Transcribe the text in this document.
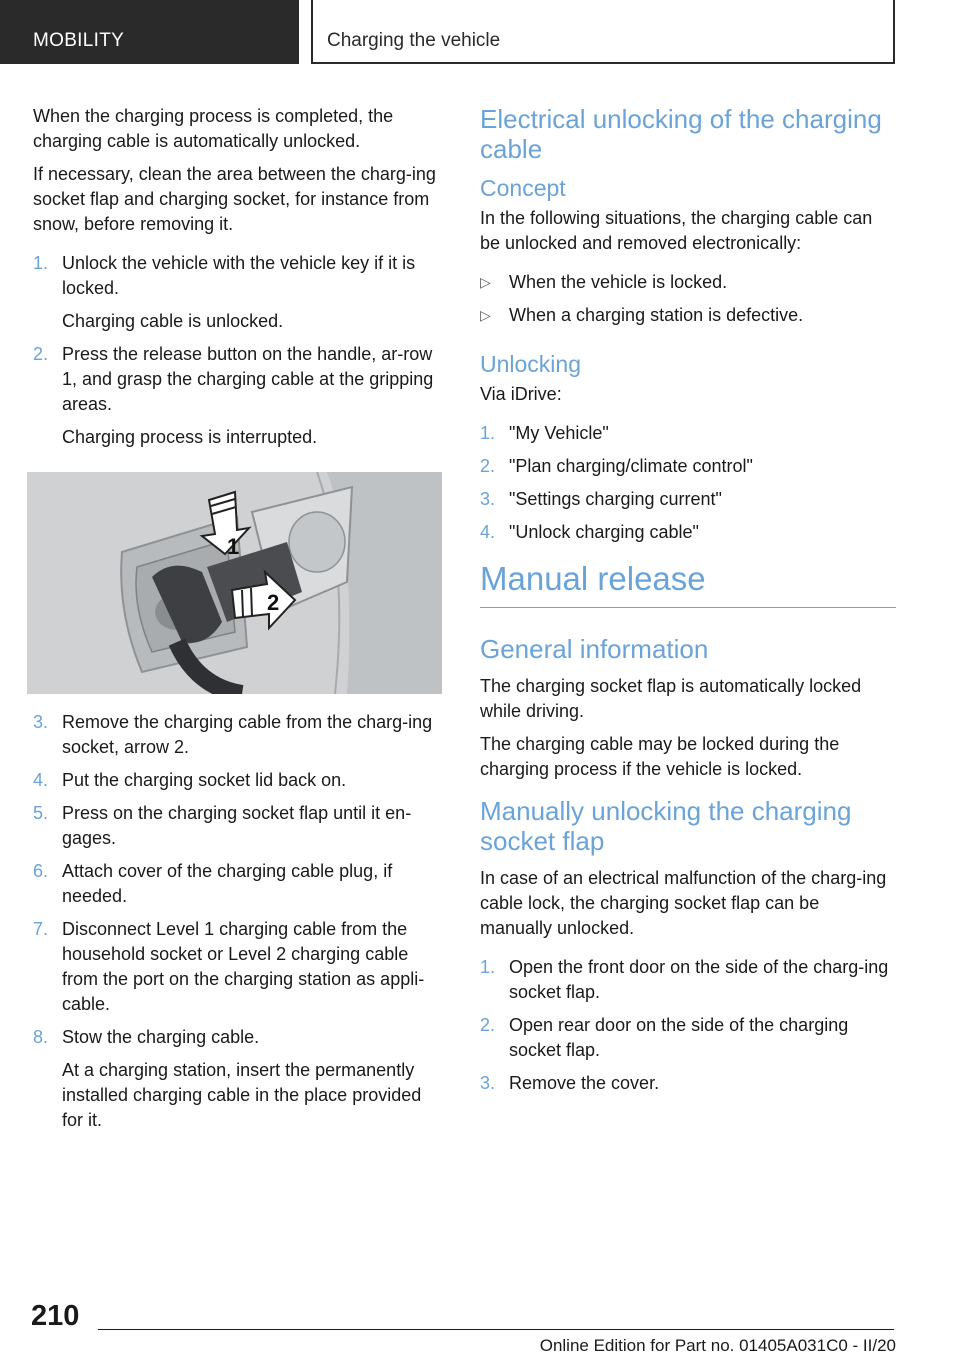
MOBILITY	Charging the vehicle

When the charging process is completed, the charging cable is automatically unlocked.

If necessary, clean the area between the charg-ing socket flap and charging socket, for instance from snow, before removing it.

1. Unlock the vehicle with the vehicle key if it is locked.
Charging cable is unlocked.
2. Press the release button on the handle, ar-row 1, and grasp the charging cable at the gripping areas.
Charging process is interrupted.
1
2
3. Remove the charging cable from the charg-ing socket, arrow 2.
4. Put the charging socket lid back on.
5. Press on the charging socket flap until it en-gages.
6. Attach cover of the charging cable plug, if needed.
7. Disconnect Level 1 charging cable from the household socket or Level 2 charging cable from the port on the charging station as appli-cable.
8. Stow the charging cable.
At a charging station, insert the permanently installed charging cable in the place provided for it.
Electrical unlocking of the charging cable
Concept

In the following situations, the charging cable can be unlocked and removed electronically:

▷ When the vehicle is locked.
▷ When a charging station is defective.
Unlocking

Via iDrive:

1. "My Vehicle"
2. "Plan charging/climate control"
3. "Settings charging current"
4. "Unlock charging cable"
Manual release
General information

The charging socket flap is automatically locked while driving.

The charging cable may be locked during the charging process if the vehicle is locked.

Manually unlocking the charging socket flap

In case of an electrical malfunction of the charg-ing cable lock, the charging socket flap can be manually unlocked.

1. Open the front door on the side of the charg-ing socket flap.
2. Open rear door on the side of the charging socket flap.
3. Remove the cover.
210
Online Edition for Part no. 01405A031C0 - II/20
